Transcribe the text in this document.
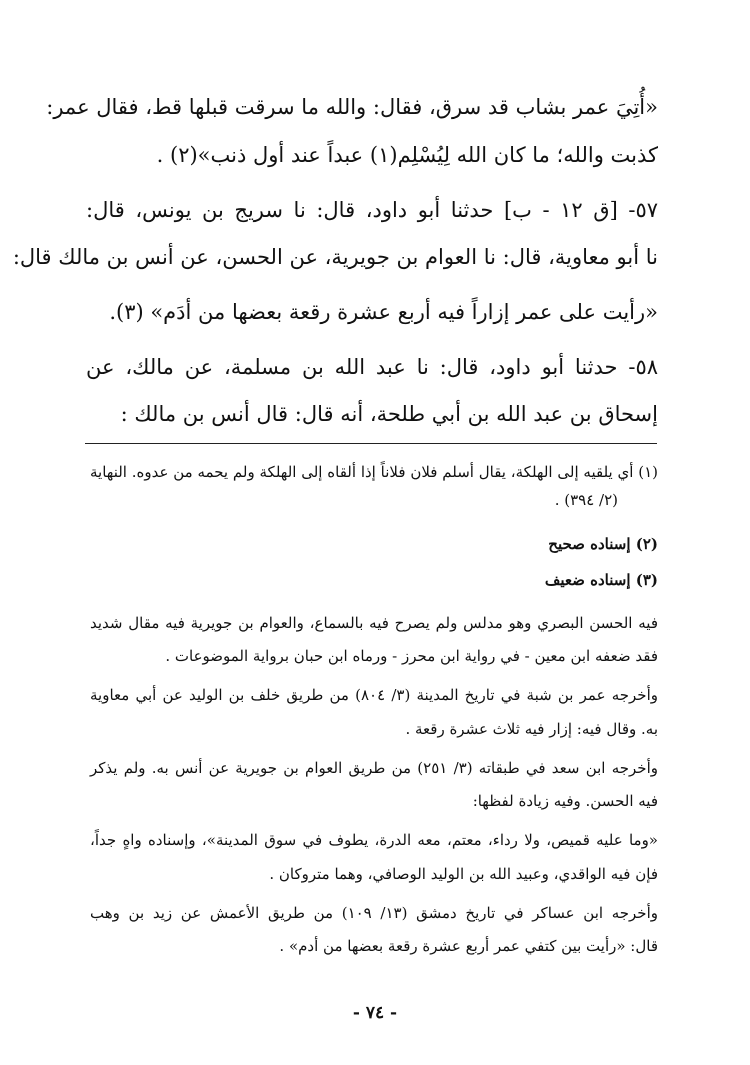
«أُتِيَ عمر بشاب قد سرق، فقال: والله ما سرقت قبلها قط، فقال عمر:
كذبت والله؛ ما كان الله لِيُسْلِم(١) عبداً عند أول ذنب»(٢) .
٥٧- [ق ١٢ - ب] حدثنا أبو داود، قال: نا سريج بن يونس، قال:
نا أبو معاوية، قال: نا العوام بن جويرية، عن الحسن، عن أنس بن مالك قال:
«رأيت على عمر إزاراً فيه أربع عشرة رقعة بعضها من أدَم» (٣).
٥٨- حدثنا أبو داود، قال: نا عبد الله بن مسلمة، عن مالك، عن
إسحاق بن عبد الله بن أبي طلحة، أنه قال: قال أنس بن مالك :
(١) أي يلقيه إلى الهلكة، يقال أسلم فلان فلاناً إذا ألقاه إلى الهلكة ولم يحمه من عدوه. النهاية
(٢/ ٣٩٤) .
(٢) إسناده صحيح
(٣) إسناده ضعيف
فيه الحسن البصري وهو مدلس ولم يصرح فيه بالسماع، والعوام بن جويرية فيه مقال شديد
فقد ضعفه ابن معين - في رواية ابن محرز - ورماه ابن حبان برواية الموضوعات .
وأخرجه عمر بن شبة في تاريخ المدينة (٣/ ٨٠٤) من طريق خلف بن الوليد عن أبي معاوية
به. وقال فيه: إزار فيه ثلاث عشرة رقعة .
وأخرجه ابن سعد في طبقاته (٣/ ٢٥١) من طريق العوام بن جويرية عن أنس به. ولم يذكر
فيه الحسن. وفيه زيادة لفظها:
«وما عليه قميص، ولا رداء، معتم، معه الدرة، يطوف في سوق المدينة»، وإسناده واهٍ جداً،
فإن فيه الواقدي، وعبيد الله بن الوليد الوصافي، وهما متروكان .
وأخرجه ابن عساكر في تاريخ دمشق (١٣/ ١٠٩) من طريق الأعمش عن زيد بن وهب
قال: «رأيت بين كتفي عمر أربع عشرة رقعة بعضها من أدم» .
- ٧٤ -
